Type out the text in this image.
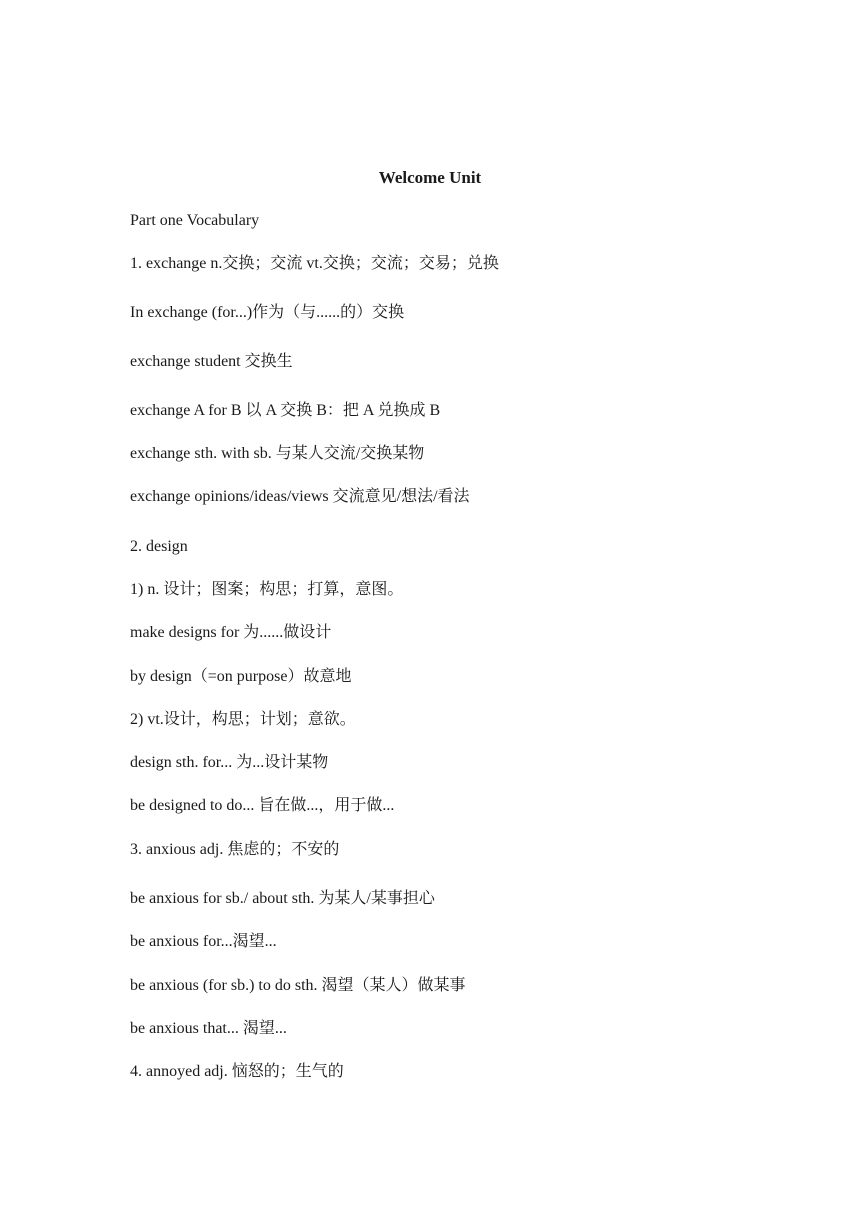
Welcome Unit
Part one Vocabulary
1. exchange n.交换；交流 vt.交换；交流；交易；兑换
In exchange (for...)作为（与......的）交换
exchange student 交换生
exchange A for B 以 A 交换 B：把 A 兑换成 B
exchange sth. with sb. 与某人交流/交换某物
exchange opinions/ideas/views 交流意见/想法/看法
2. design
1) n. 设计；图案；构思；打算，意图。
make designs for 为......做设计
by design（=on purpose）故意地
2) vt.设计，构思；计划；意欲。
design sth. for... 为...设计某物
be designed to do... 旨在做...，用于做...
3. anxious adj. 焦虑的；不安的
be anxious for sb./ about sth. 为某人/某事担心
be anxious for...渴望...
be anxious (for sb.) to do sth. 渴望（某人）做某事
be anxious that... 渴望...
4. annoyed adj. 恼怒的；生气的
